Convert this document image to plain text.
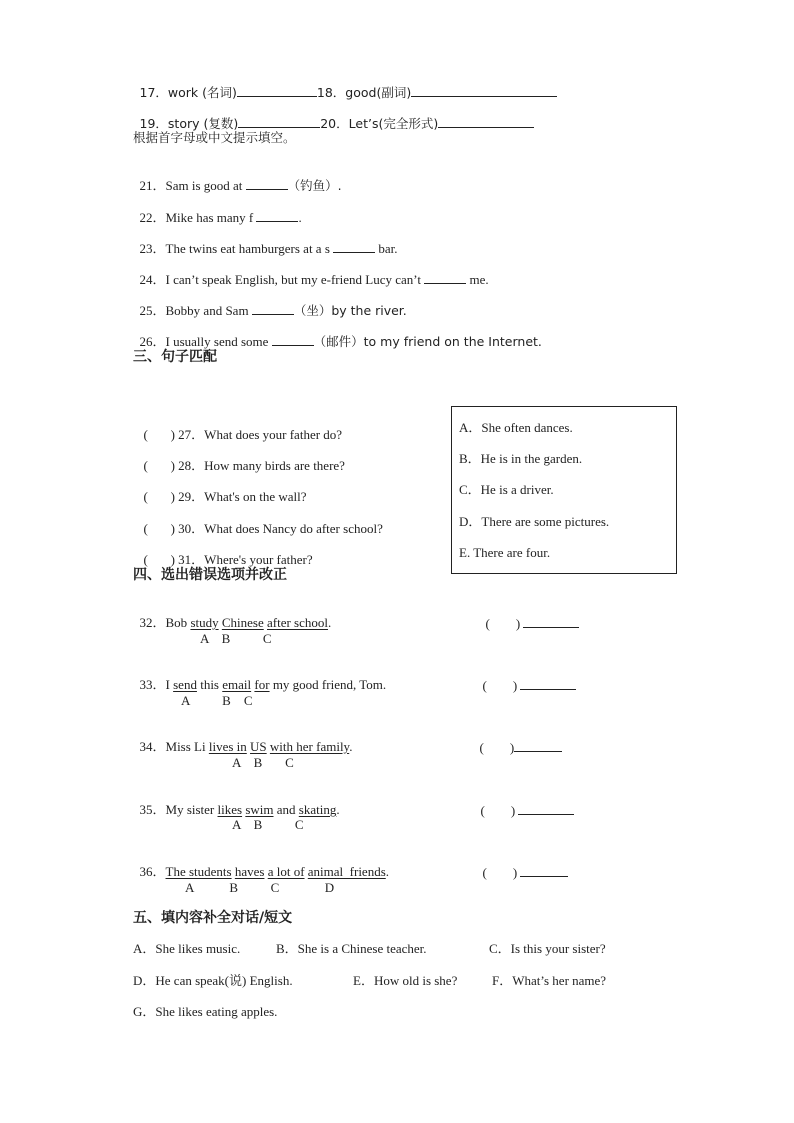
17．work (名词)	18．good(副词)

19．story (复数)	20．Let’s(完全形式)

根据首字母或中文提示填空。

21．Sam is good at	（钓鱼）.

22．Mike has many f	.

23．The twins eat hamburgers at a s	bar.

24．I can’t speak English, but my e-friend Lucy can’t	me.

25．Bobby and Sam	（坐）by the river.

26．I usually send some	（邮件）to my friend on the Internet.

三、句子匹配

(       ) 27．What does your father do?

(       ) 28．How many birds are there?

(       ) 29．What's on the wall?

(       ) 30．What does Nancy do after school?

(       ) 31．Where's your father?

A．She often dances.
B．He is in the garden.
C．He is a driver.
D．There are some pictures.
E. There are four.
四、选出错误选项并改正

32．Bob study Chinese after school.	(        )

A    B          C

33．I send this email for my good friend, Tom.	(        )

A          B    C

34．Miss Li lives in US with her family.	(        )

A    B       C

35．My sister likes swim and skating.	(        )

A    B          C

36．The students haves a lot of animal  friends.	(        )

A           B          C              D
五、填内容补全对话/短文
A．She likes music.	B．She is a Chinese teacher.	C．Is this your sister?
D．He can speak(说) English.	E．How old is she?	F．What’s her name?
G．She likes eating apples.
